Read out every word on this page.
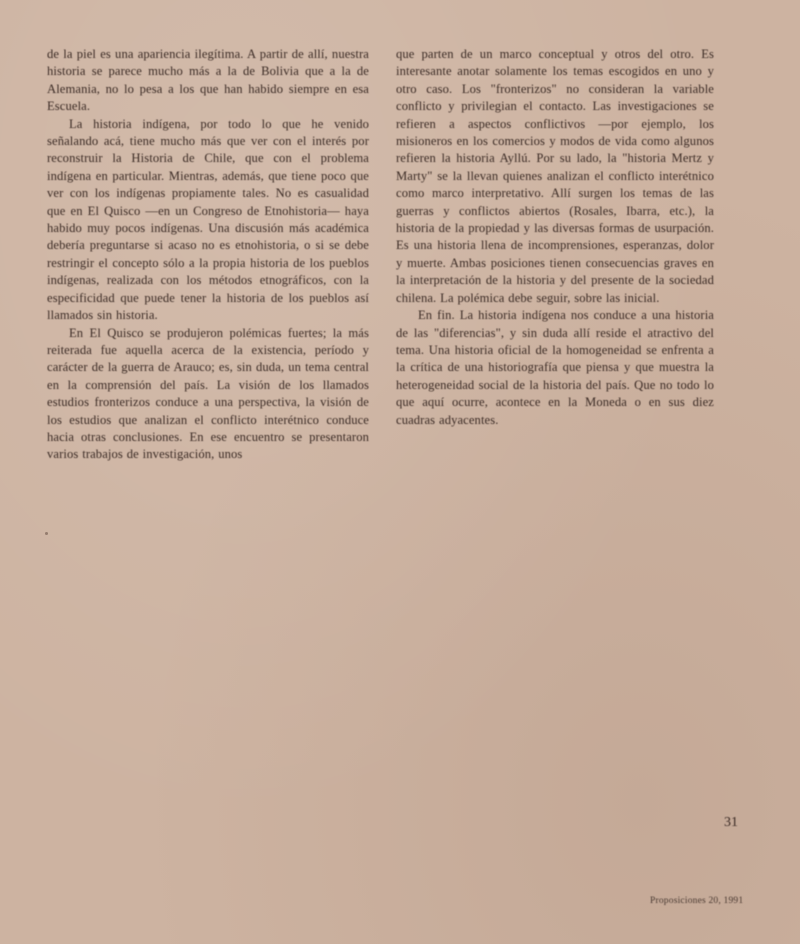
de la piel es una apariencia ilegítima. A partir de allí, nuestra historia se parece mucho más a la de Bolivia que a la de Alemania, no lo pesa a los que han habido siempre en esa Escuela.

La historia indígena, por todo lo que he venido señalando acá, tiene mucho más que ver con el interés por reconstruir la Historia de Chile, que con el problema indígena en particular. Mientras, además, que tiene poco que ver con los indígenas propiamente tales. No es casualidad que en El Quisco —en un Congreso de Etnohistoria— haya habido muy pocos indígenas. Una discusión más académica debería preguntarse si acaso no es etnohistoria, o si se debe restringir el concepto sólo a la propia historia de los pueblos indígenas, realizada con los métodos etnográficos, con la especificidad que puede tener la historia de los pueblos así llamados sin historia.

En El Quisco se produjeron polémicas fuertes; la más reiterada fue aquella acerca de la existencia, período y carácter de la guerra de Arauco; es, sin duda, un tema central en la comprensión del país. La visión de los llamados estudios fronterizos conduce a una perspectiva, la visión de los estudios que analizan el conflicto interétnico conduce hacia otras conclusiones. En ese encuentro se presentaron varios trabajos de investigación, unos

que parten de un marco conceptual y otros del otro. Es interesante anotar solamente los temas escogidos en uno y otro caso. Los "fronterizos" no consideran la variable conflicto y privilegian el contacto. Las investigaciones se refieren a aspectos conflictivos —por ejemplo, los misioneros en los comercios y modos de vida como algunos refieren la historia Ayllú. Por su lado, la "historia Mertz y Marty" se la llevan quienes analizan el conflicto interétnico como marco interpretativo. Allí surgen los temas de las guerras y conflictos abiertos (Rosales, Ibarra, etc.), la historia de la propiedad y las diversas formas de usurpación. Es una historia llena de incomprensiones, esperanzas, dolor y muerte. Ambas posiciones tienen consecuencias graves en la interpretación de la historia y del presente de la sociedad chilena. La polémica debe seguir, sobre las inicial.

En fin. La historia indígena nos conduce a una historia de las "diferencias", y sin duda allí reside el atractivo del tema. Una historia oficial de la homogeneidad se enfrenta a la crítica de una historiografía que piensa y que muestra la heterogeneidad social de la historia del país. Que no todo lo que aquí ocurre, acontece en la Moneda o en sus diez cuadras adyacentes.

31
Proposiciones 20, 1991
